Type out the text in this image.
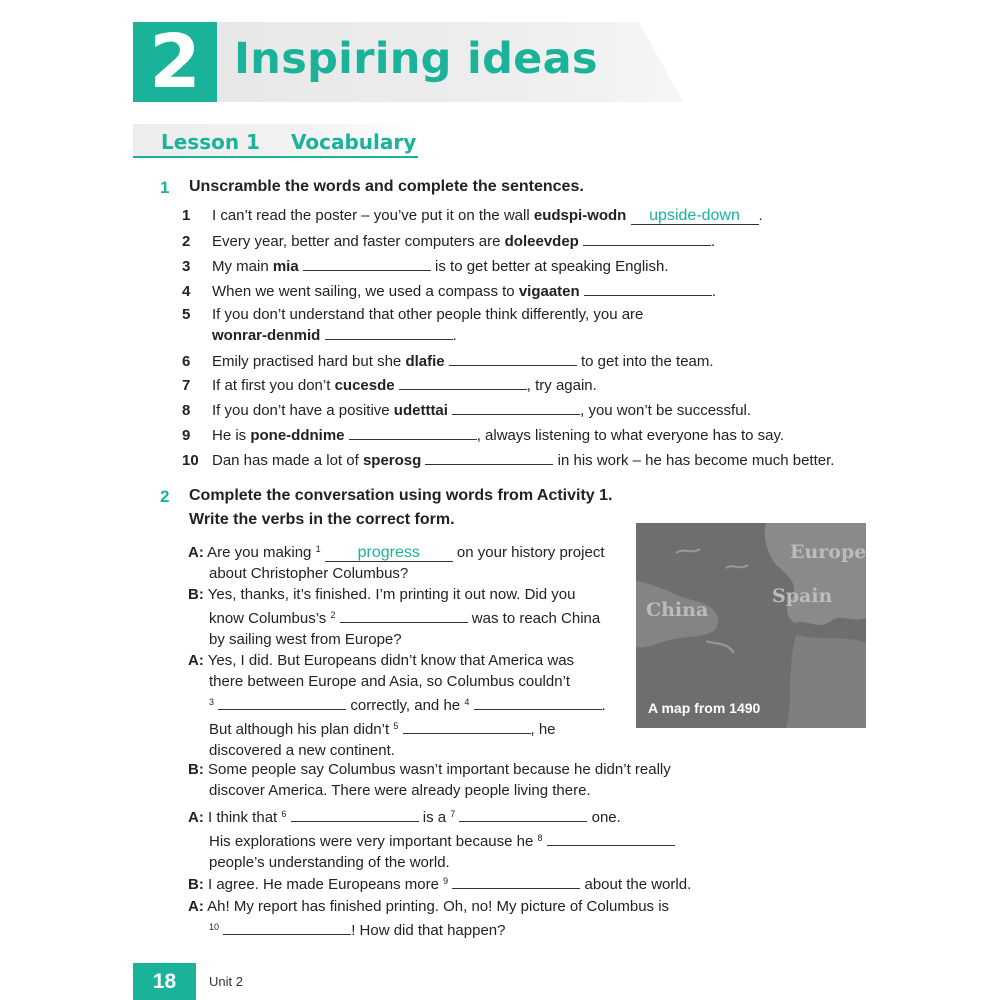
2 Inspiring ideas
Lesson 1 Vocabulary
1 Unscramble the words and complete the sentences.
1 I can’t read the poster – you’ve put it on the wall eudspi-wodn upside-down .
2 Every year, better and faster computers are doleevdep	.
3 My main mia	is to get better at speaking English.
4 When we went sailing, we used a compass to vigaaten	.
5 If you don’t understand that other people think differently, you are
wonrar-denmid	.
6 Emily practised hard but she dlafie	to get into the team.
7 If at first you don’t cucesde	, try again.
8 If you don’t have a positive udetttai	, you won’t be successful.
9 He is pone-ddnime	, always listening to what everyone has to say.
10 Dan has made a lot of sperosg	in his work – he has become much better.
2 Complete the conversation using words from Activity 1.
Write the verbs in the correct form.
A: Are you making $^1$ progress on your history project
about Christopher Columbus?
B: Yes, thanks, it’s finished. I’m printing it out now. Did you
know Columbus’s $^2$	was to reach China
by sailing west from Europe?
A: Yes, I did. But Europeans didn’t know that America was
there between Europe and Asia, so Columbus couldn’t
$^3$	correctly, and he $^4$	.
But although his plan didn’t $^5$	, he
discovered a new continent.
B: Some people say Columbus wasn’t important because he didn’t really
discover America. There were already people living there.
A: I think that $^6$	is a $^7$	one.
His explorations were very important because he $^8$
people’s understanding of the world.
B: I agree. He made Europeans more $^9$	about the world.
A: Ah! My report has finished printing. Oh, no! My picture of Columbus is
$^{10}$	! How did that happen?
Europe
Spain
China
A map from 1490
18	Unit 2
